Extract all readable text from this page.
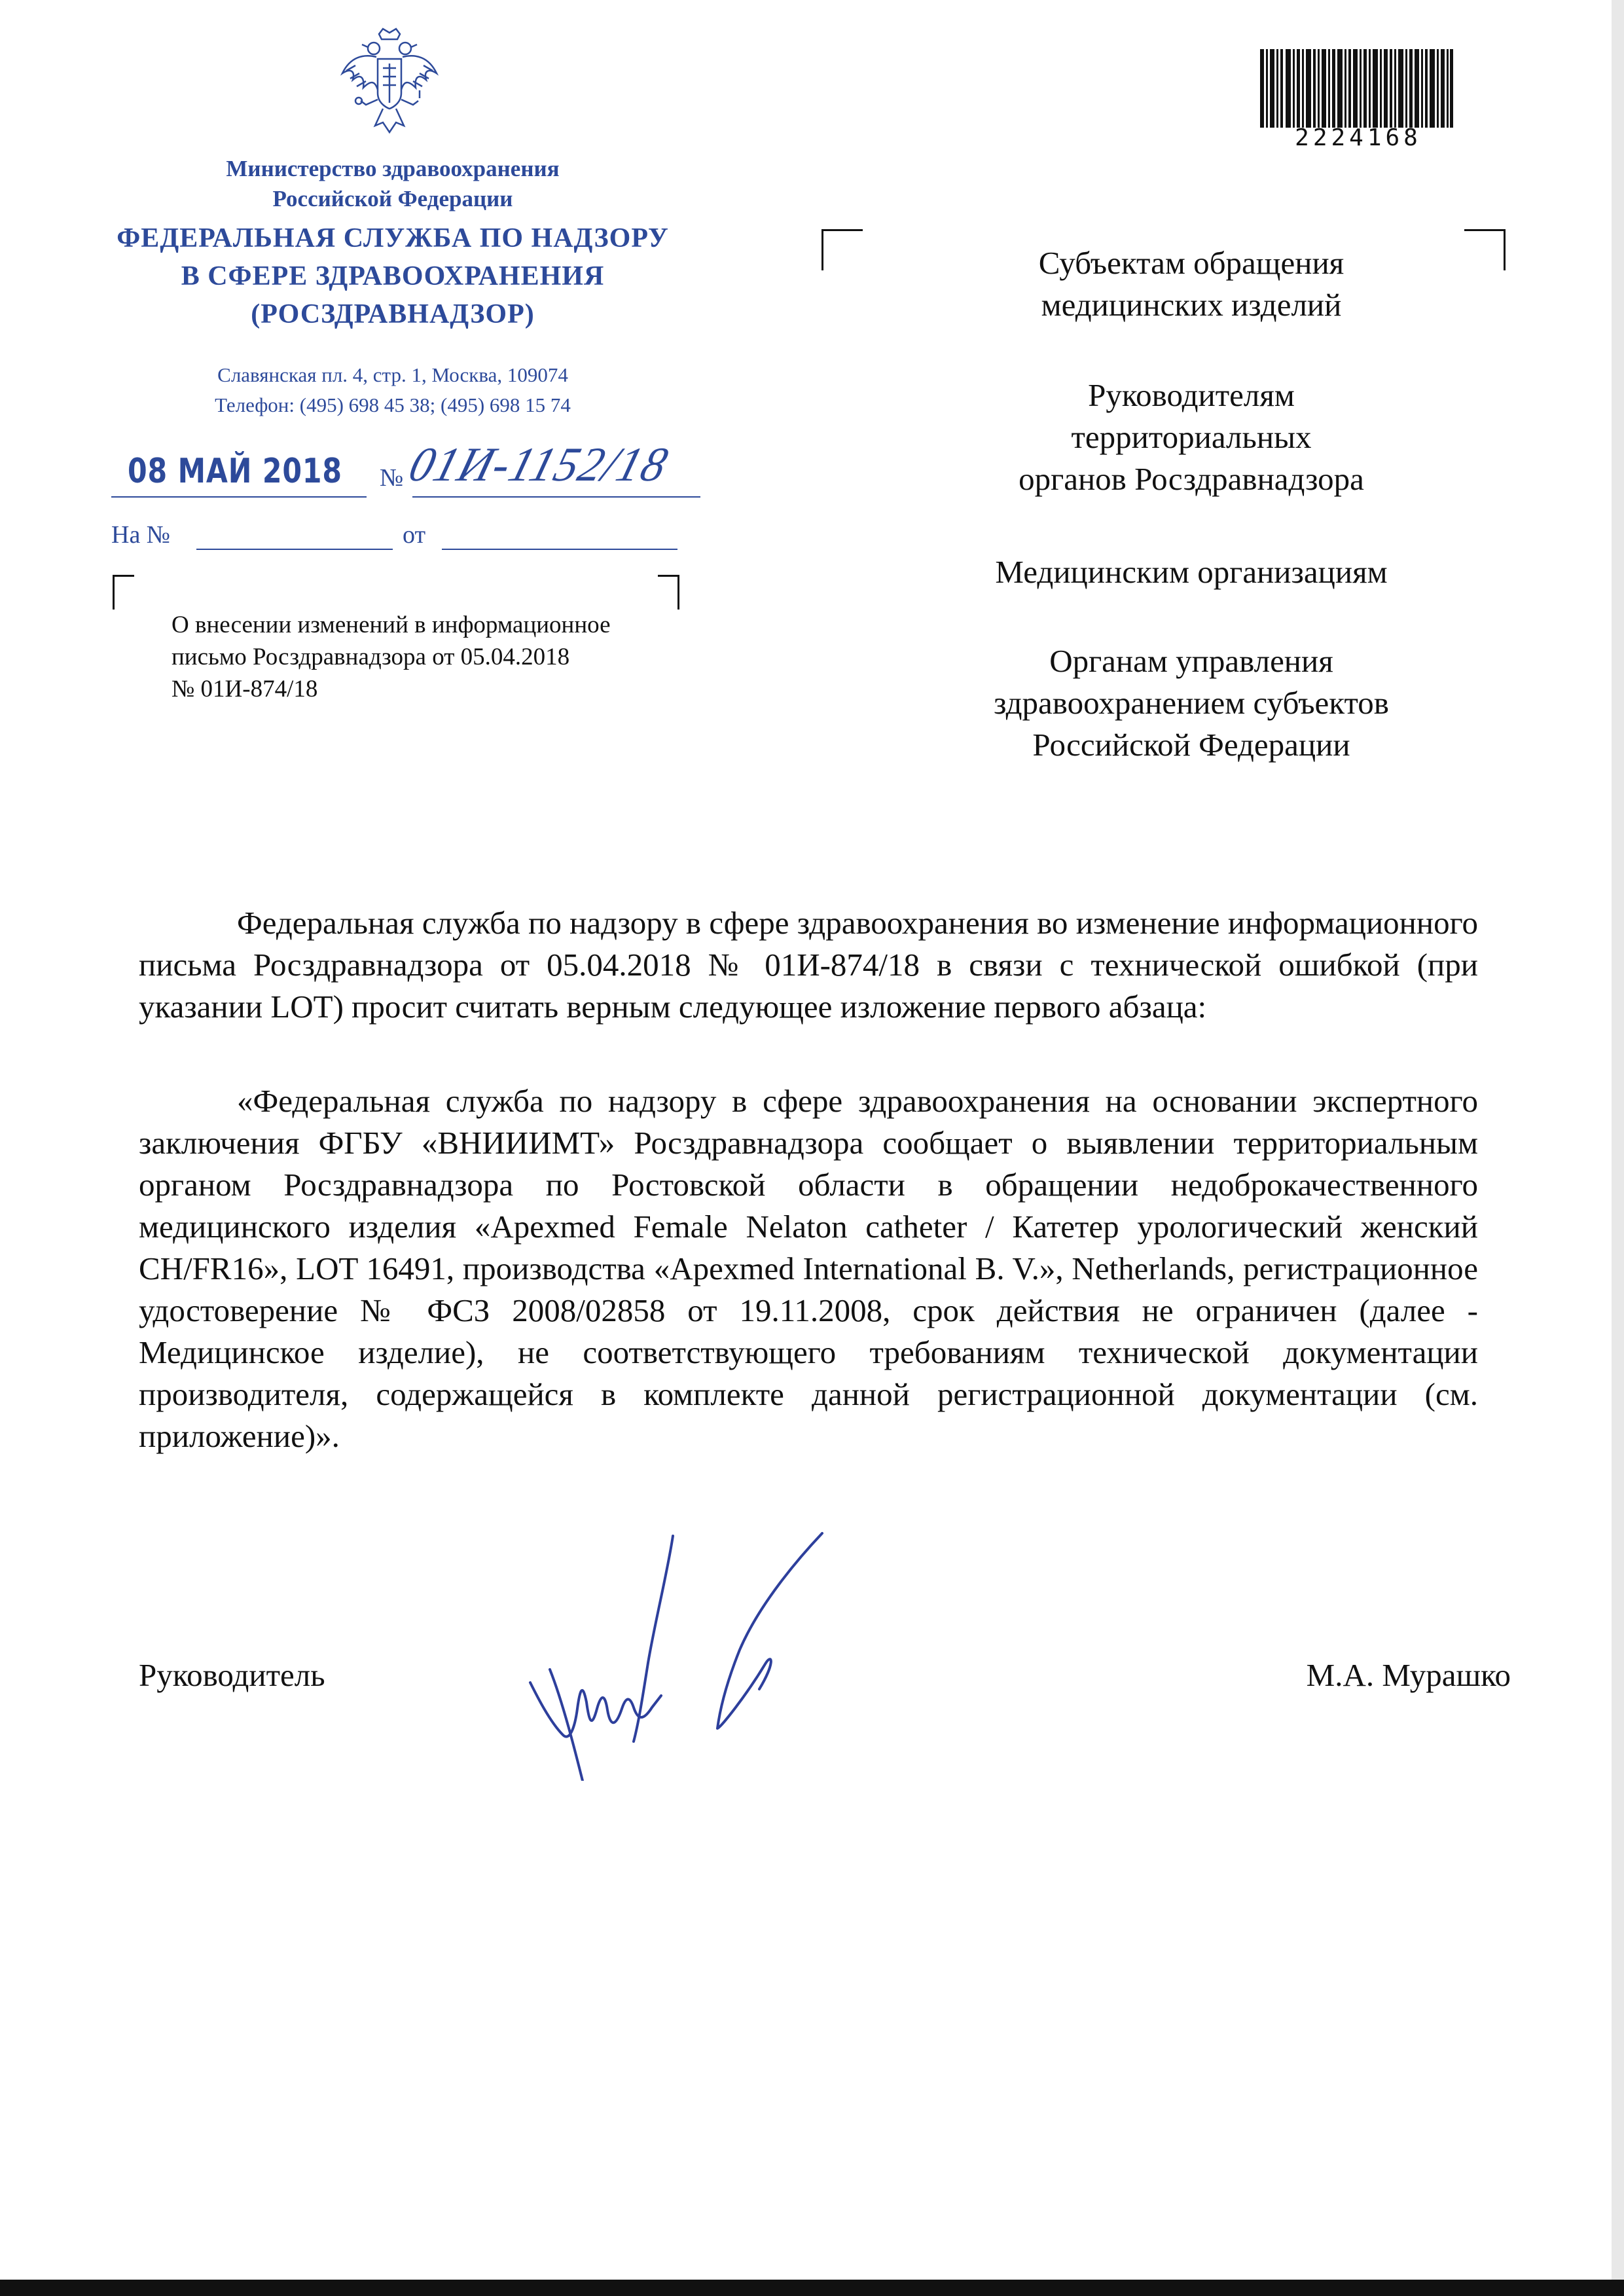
Министерство здравоохранения
Российской Федерации
ФЕДЕРАЛЬНАЯ СЛУЖБА ПО НАДЗОРУ
В СФЕРЕ ЗДРАВООХРАНЕНИЯ
(РОСЗДРАВНАДЗОР)
Славянская пл. 4, стр. 1, Москва, 109074
Телефон: (495) 698 45 38; (495) 698 15 74
08 МАЙ 2018 № 01И-1152/18
На №	от
О внесении изменений в информационное
письмо Росздравнадзора от 05.04.2018
№ 01И-874/18
2224168
Субъектам обращения
медицинских изделий
Руководителям
территориальных
органов Росздравнадзора
Медицинским организациям
Органам управления
здравоохранением субъектов
Российской Федерации
Федеральная служба по надзору в сфере здравоохранения во изменение информационного письма Росздравнадзора от 05.04.2018 № 01И-874/18 в связи с технической ошибкой (при указании LOT) просит считать верным следующее изложение первого абзаца:
«Федеральная служба по надзору в сфере здравоохранения на основании экспертного заключения ФГБУ «ВНИИИМТ» Росздравнадзора сообщает о выявлении территориальным органом Росздравнадзора по Ростовской области в обращении недоброкачественного медицинского изделия «Apexmed Female Nelaton catheter / Катетер урологический женский CH/FR16», LOT 16491, производства «Apexmed International B. V.», Netherlands, регистрационное удостоверение № ФСЗ 2008/02858 от 19.11.2008, срок действия не ограничен (далее - Медицинское изделие), не соответствующего требованиям технической документации производителя, содержащейся в комплекте данной регистрационной документации (см. приложение)».
Руководитель	М.А. Мурашко
